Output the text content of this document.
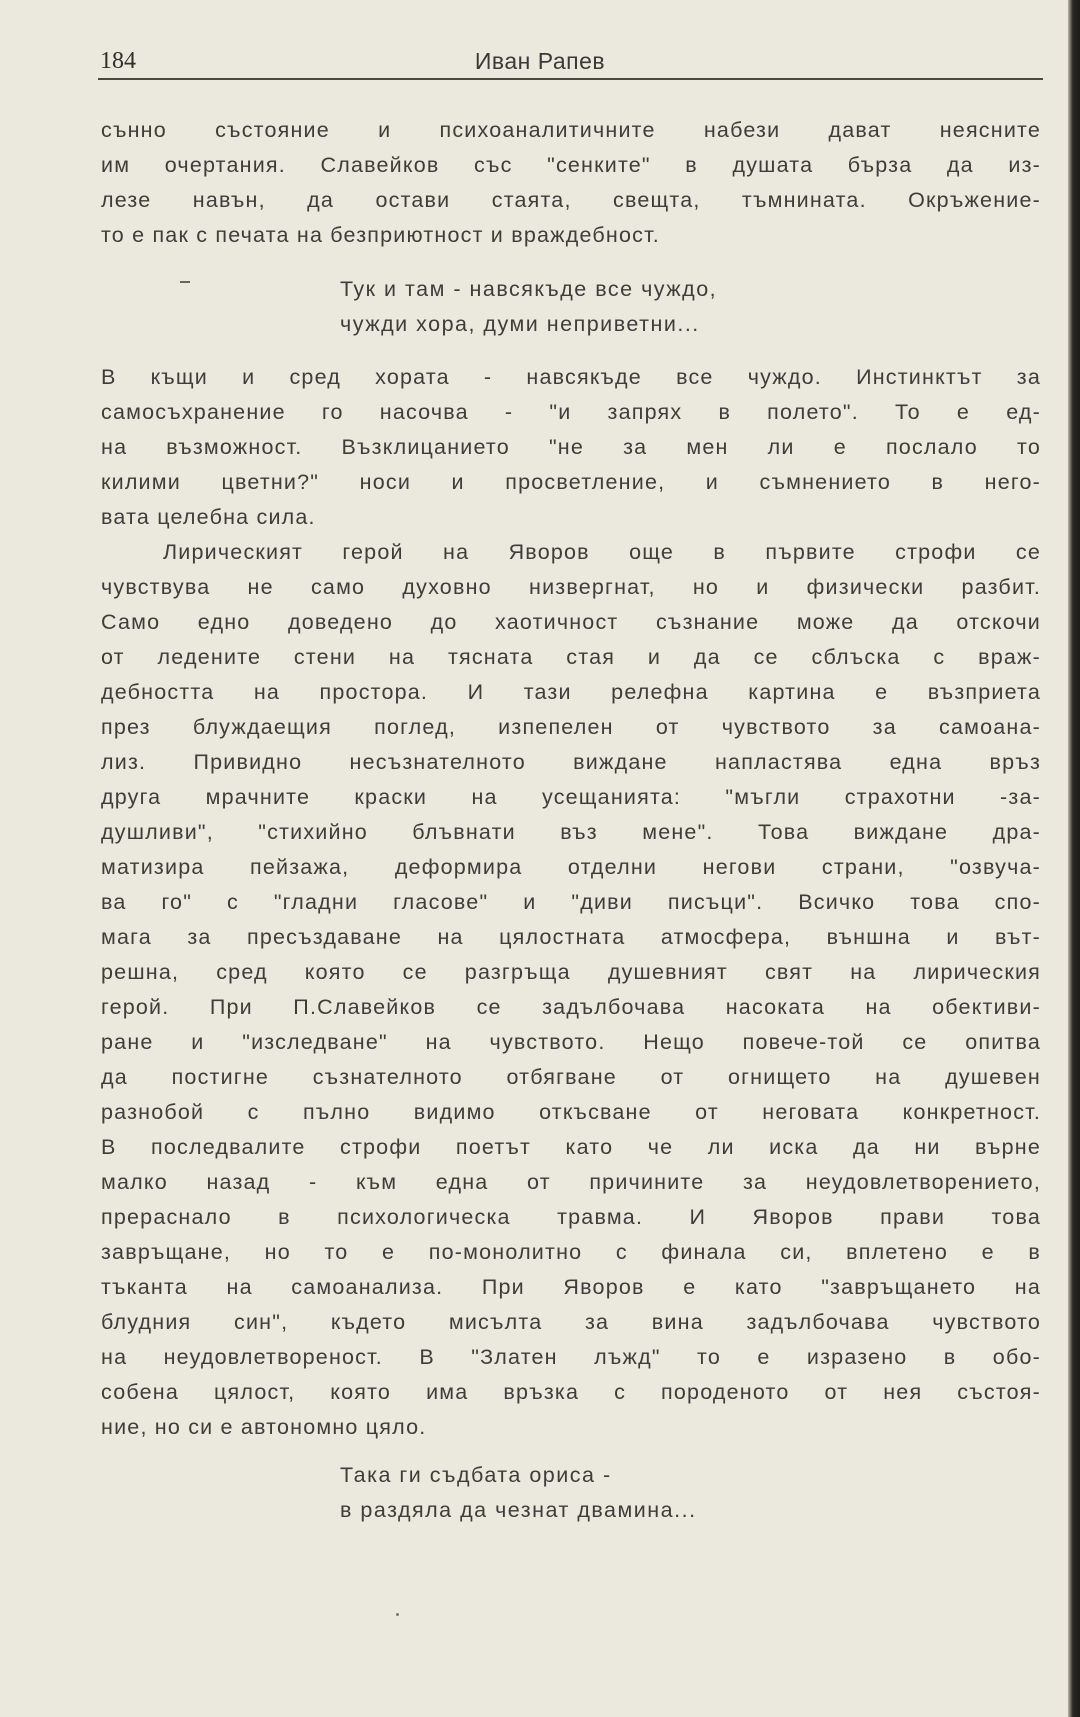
184	Иван Рапев
сънно състояние и психоаналитичните набези дават неясните
им очертания. Славейков със "сенките" в душата бърза да из-
лезе навън, да остави стаята, свещта, тъмнината. Окръжение-
то е пак с печата на безприютност и враждебност.
Тук и там - навсякъде все чуждо,
чужди хора, думи неприветни...
В къщи и сред хората - навсякъде все чуждо. Инстинктът за
самосъхранение го насочва - "и запрях в полето". То е ед-
на възможност. Възклицанието "не за мен ли е послало то
килими цветни?" носи и просветление, и съмнението в него-
вата целебна сила.
Лирическият герой на Яворов още в първите строфи се
чувствува не само духовно низвергнат, но и физически разбит.
Само едно доведено до хаотичност съзнание може да отскочи
от ледените стени на тясната стая и да се сблъска с враж-
дебността на простора. И тази релефна картина е възприета
през блуждаещия поглед, изпепелен от чувството за самоана-
лиз. Привидно несъзнателното виждане напластява една връз
друга мрачните краски на усещанията: "мъгли страхотни -за-
душливи", "стихийно блъвнати въз мене". Това виждане дра-
матизира пейзажа, деформира отделни негови страни, "озвуча-
ва го" с "гладни гласове" и "диви писъци". Всичко това спо-
мага за пресъздаване на цялостната атмосфера, външна и вът-
решна, сред която се разгръща душевният свят на лирическия
герой. При П.Славейков се задълбочава насоката на обективи-
ране и "изследване" на чувството. Нещо повече-той се опитва
да постигне съзнателното отбягване от огнището на душевен
разнобой с пълно видимо откъсване от неговата конкретност.
В последвалите строфи поетът като че ли иска да ни върне
малко назад - към една от причините за неудовлетворението,
прераснало в психологическа травма. И Яворов прави това
завръщане, но то е по-монолитно с финала си, вплетено е в
тъканта на самоанализа. При Яворов е като "завръщането на
блудния син", където мисълта за вина задълбочава чувството
на неудовлетвореност. В "Златен лъжд" то е изразено в обо-
собена цялост, която има връзка с породеното от нея състоя-
ние, но си е автономно цяло.
Така ги съдбата ориса -
в раздяла да чезнат двамина...
